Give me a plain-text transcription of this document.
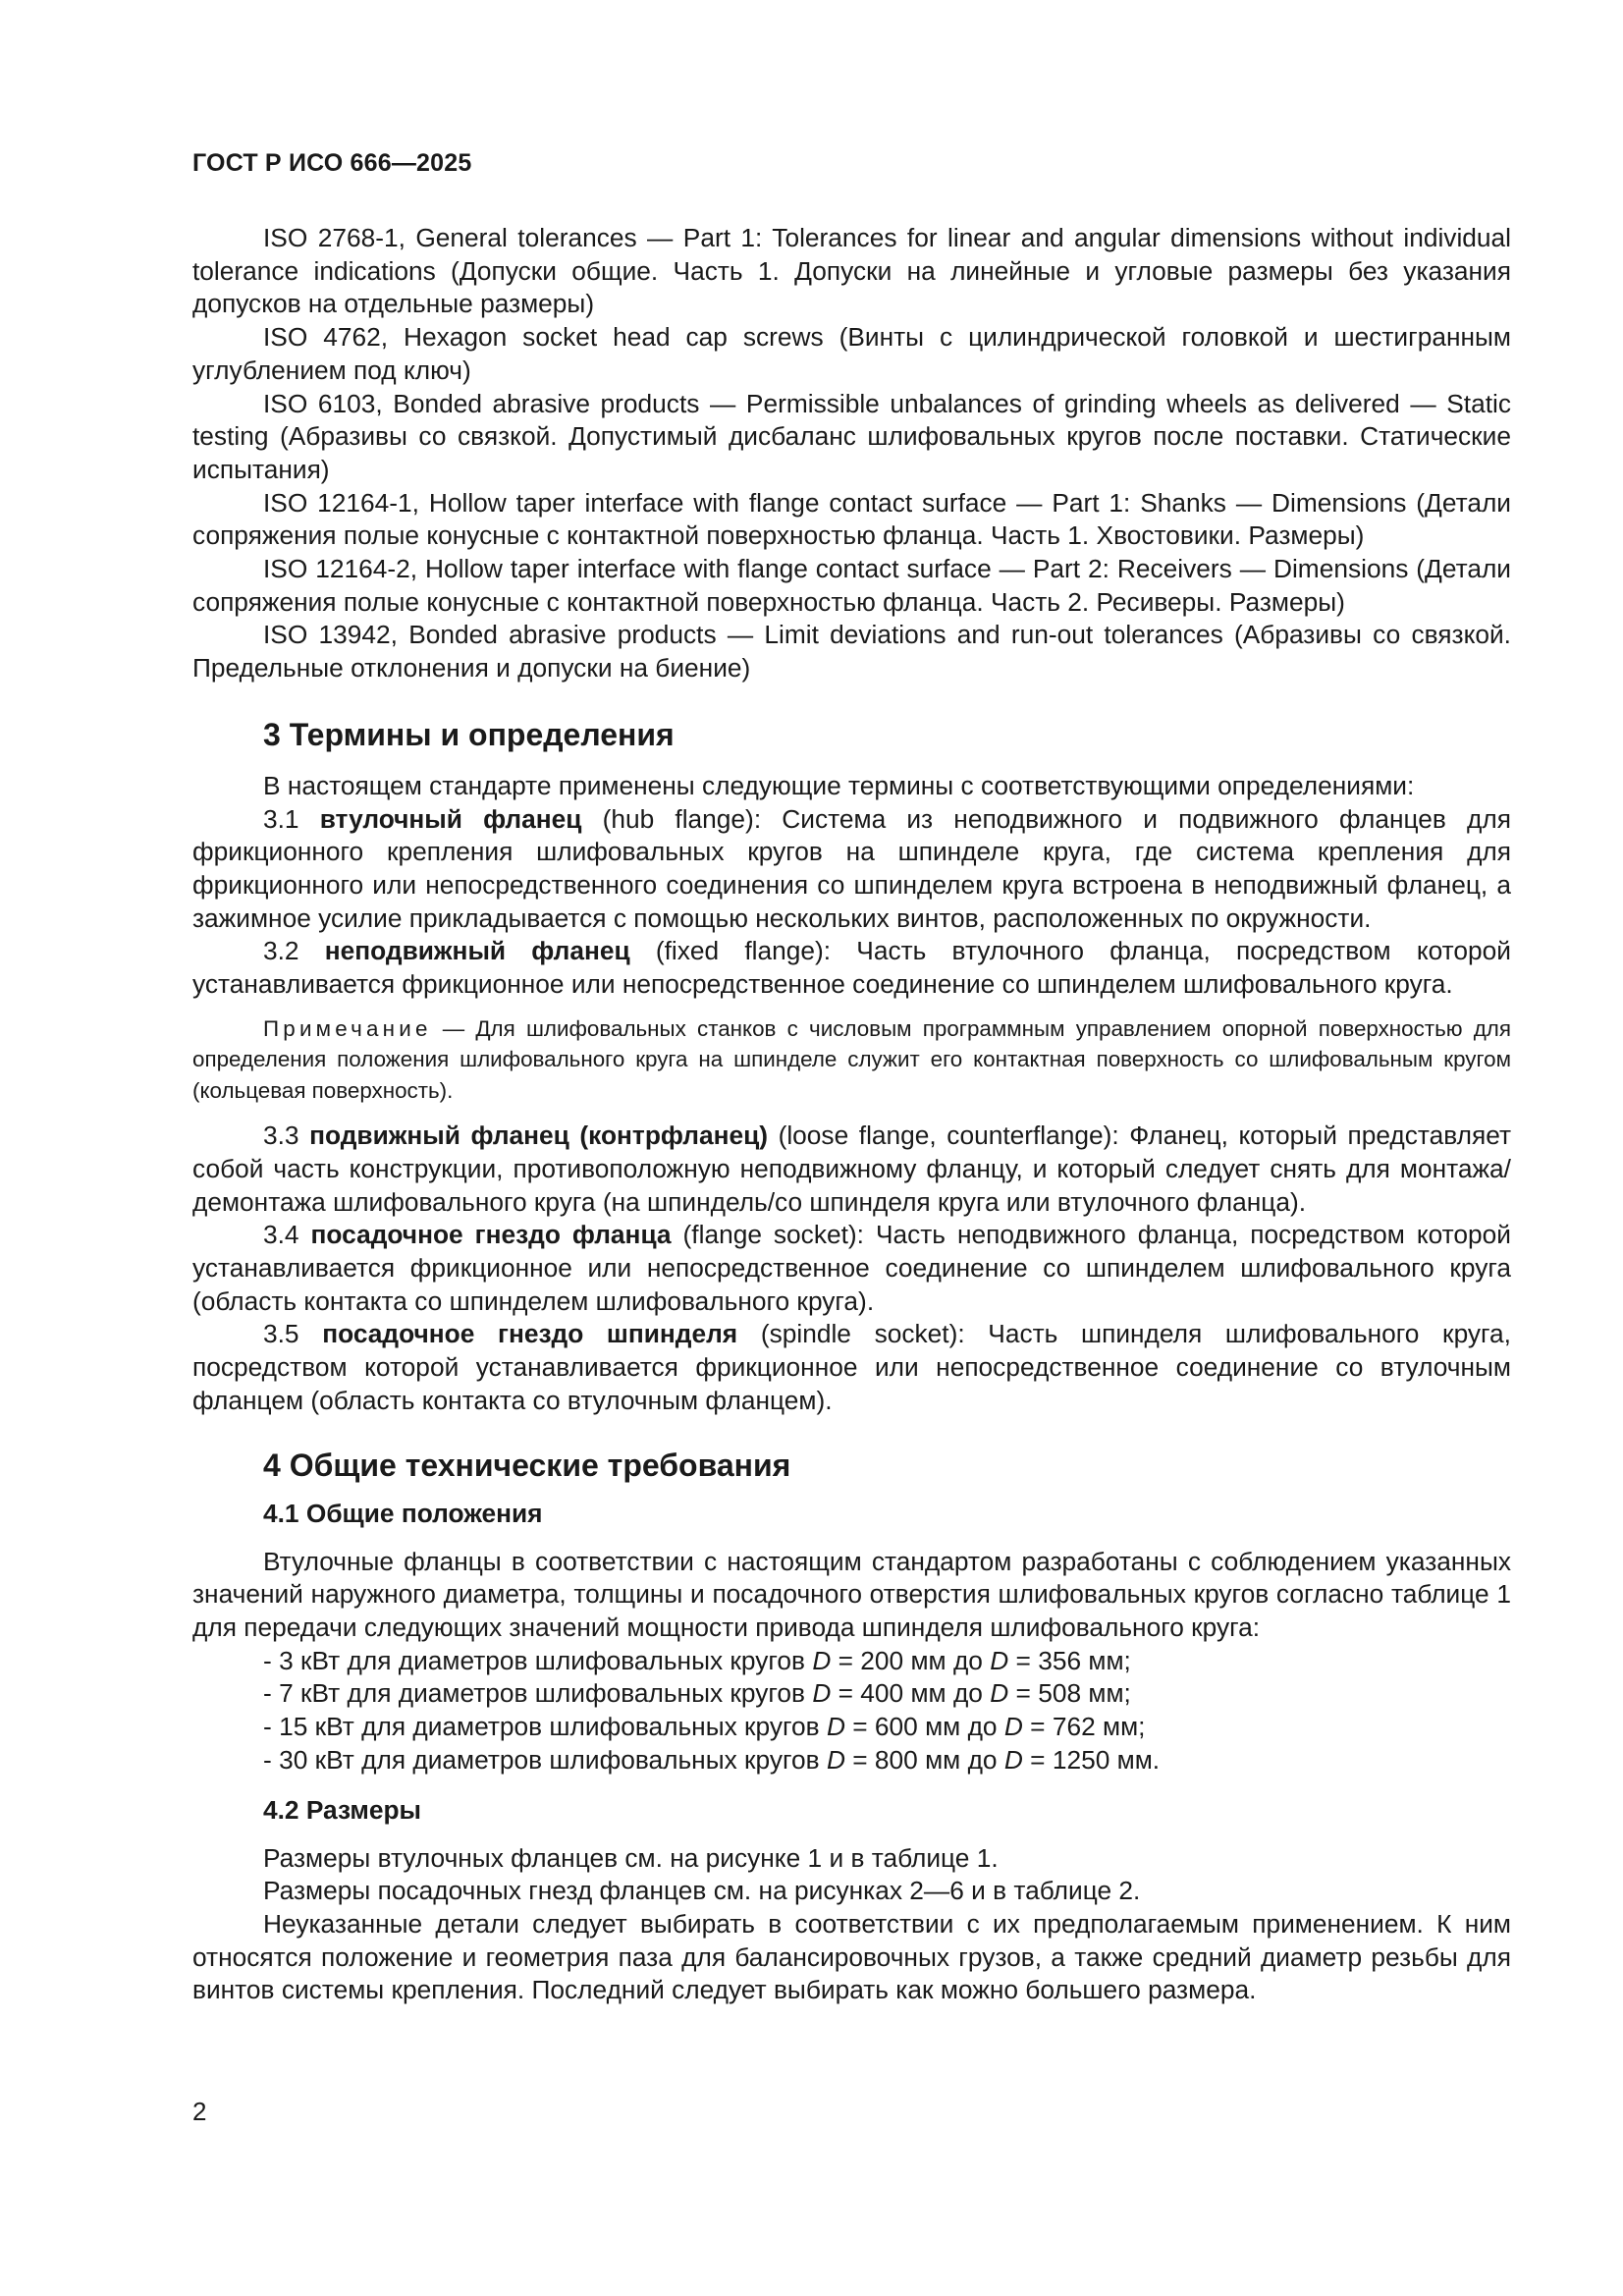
ГОСТ Р ИСО 666—2025

ISO 2768-1, General tolerances — Part 1: Tolerances for linear and angular dimensions without individual tolerance indications (Допуски общие. Часть 1. Допуски на линейные и угловые размеры без указания допусков на отдельные размеры)

ISO 4762, Hexagon socket head cap screws (Винты с цилиндрической головкой и шестигранным углублением под ключ)

ISO 6103, Bonded abrasive products — Permissible unbalances of grinding wheels as delivered — Static testing (Абразивы со связкой. Допустимый дисбаланс шлифовальных кругов после поставки. Статические испытания)

ISO 12164-1, Hollow taper interface with flange contact surface — Part 1: Shanks — Dimensions (Детали сопряжения полые конусные с контактной поверхностью фланца. Часть 1. Хвостовики. Размеры)

ISO 12164-2, Hollow taper interface with flange contact surface — Part 2: Receivers — Dimensions (Детали сопряжения полые конусные с контактной поверхностью фланца. Часть 2. Ресиверы. Размеры)

ISO 13942, Bonded abrasive products — Limit deviations and run-out tolerances (Абразивы со связкой. Предельные отклонения и допуски на биение)

3 Термины и определения

В настоящем стандарте применены следующие термины с соответствующими определениями:

3.1 втулочный фланец (hub flange): Система из неподвижного и подвижного фланцев для фрикционного крепления шлифовальных кругов на шпинделе круга, где система крепления для фрикционного или непосредственного соединения со шпинделем круга встроена в неподвижный фланец, а зажимное усилие прикладывается с помощью нескольких винтов, расположенных по окружности.

3.2 неподвижный фланец (fixed flange): Часть втулочного фланца, посредством которой устанавливается фрикционное или непосредственное соединение со шпинделем шлифовального круга.

Примечание — Для шлифовальных станков с числовым программным управлением опорной поверхностью для определения положения шлифовального круга на шпинделе служит его контактная поверхность со шлифовальным кругом (кольцевая поверхность).

3.3 подвижный фланец (контрфланец) (loose flange, counterflange): Фланец, который представляет собой часть конструкции, противоположную неподвижному фланцу, и который следует снять для монтажа/демонтажа шлифовального круга (на шпиндель/со шпинделя круга или втулочного фланца).

3.4 посадочное гнездо фланца (flange socket): Часть неподвижного фланца, посредством которой устанавливается фрикционное или непосредственное соединение со шпинделем шлифовального круга (область контакта со шпинделем шлифовального круга).

3.5 посадочное гнездо шпинделя (spindle socket): Часть шпинделя шлифовального круга, посредством которой устанавливается фрикционное или непосредственное соединение со втулочным фланцем (область контакта со втулочным фланцем).

4 Общие технические требования
4.1 Общие положения

Втулочные фланцы в соответствии с настоящим стандартом разработаны с соблюдением указанных значений наружного диаметра, толщины и посадочного отверстия шлифовальных кругов согласно таблице 1 для передачи следующих значений мощности привода шпинделя шлифовального круга:

- 3 кВт для диаметров шлифовальных кругов D = 200 мм до D = 356 мм;

- 7 кВт для диаметров шлифовальных кругов D = 400 мм до D = 508 мм;

- 15 кВт для диаметров шлифовальных кругов D = 600 мм до D = 762 мм;

- 30 кВт для диаметров шлифовальных кругов D = 800 мм до D = 1250 мм.

4.2 Размеры

Размеры втулочных фланцев см. на рисунке 1 и в таблице 1.

Размеры посадочных гнезд фланцев см. на рисунках 2—6 и в таблице 2.

Неуказанные детали следует выбирать в соответствии с их предполагаемым применением. К ним относятся положение и геометрия паза для балансировочных грузов, а также средний диаметр резьбы для винтов системы крепления. Последний следует выбирать как можно большего размера.

2
